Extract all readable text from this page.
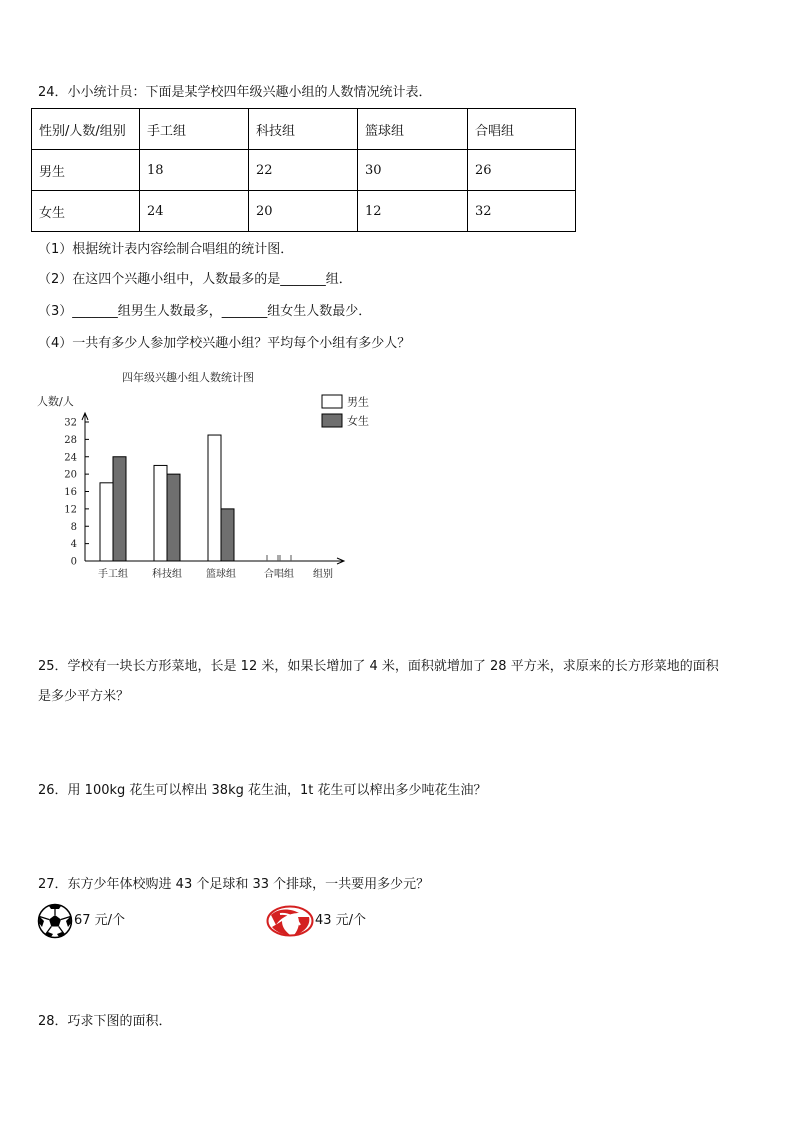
24．小小统计员：下面是某学校四年级兴趣小组的人数情况统计表．
性别/人数/组别	手工组	科技组	篮球组	合唱组
男生	18	22	30	26
女生	24	20	12	32
（1）根据统计表内容绘制合唱组的统计图．
（2）在这四个兴趣小组中，人数最多的是_______组．
（3）_______组男生人数最多，_______组女生人数最少．
（4）一共有多少人参加学校兴趣小组？平均每个小组有多少人？
四年级兴趣小组人数统计图
人数/人
组别
男生
女生
0
4
8
12
16
20
24
28
32
手工组 科技组 篮球组	合唱组
25．学校有一块长方形菜地，长是 12 米，如果长增加了 4 米，面积就增加了 28 平方米，求原来的长方形菜地的面积
是多少平方米？
26．用 100kg 花生可以榨出 38kg 花生油，1t 花生可以榨出多少吨花生油？
27．东方少年体校购进 43 个足球和 33 个排球，一共要用多少元？
67 元/个	43 元/个
28．巧求下图的面积．
